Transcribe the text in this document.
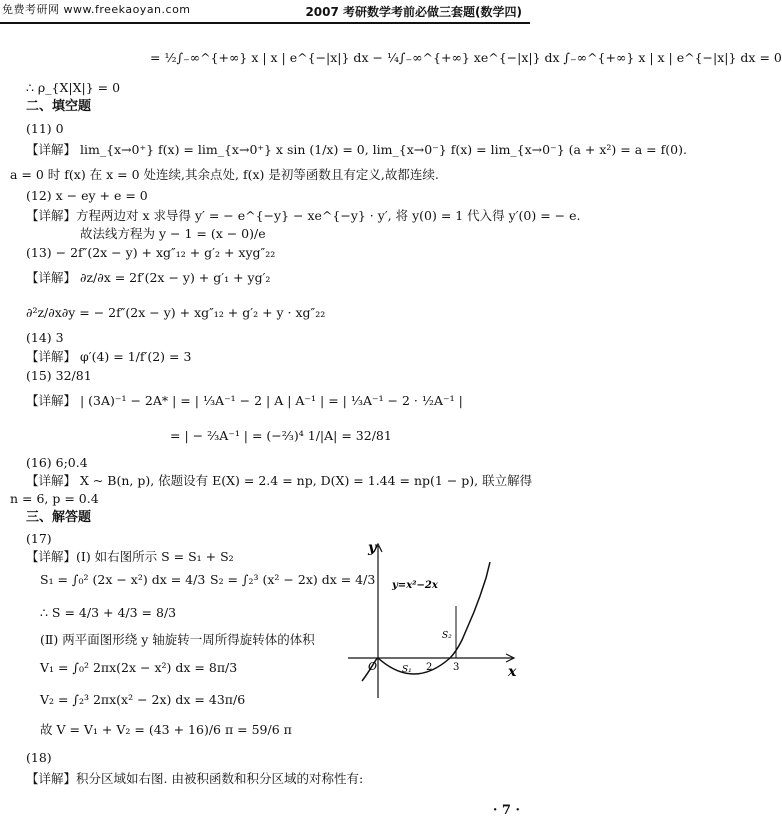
免费考研网 www.freekaoyan.com	2007 考研数学考前必做三套题(数学四)
= ½∫₋∞^{+∞} x | x | e^{−|x|} dx − ¼∫₋∞^{+∞} xe^{−|x|} dx ∫₋∞^{+∞} x | x | e^{−|x|} dx = 0
∴ ρ_{X|X|} = 0
二、填空题
(11) 0
【详解】 lim_{x→0⁺} f(x) = lim_{x→0⁺} x sin (1/x) = 0, lim_{x→0⁻} f(x) = lim_{x→0⁻} (a + x²) = a = f(0).
a = 0 时 f(x) 在 x = 0 处连续,其余点处, f(x) 是初等函数且有定义,故都连续.
(12) x − ey + e = 0
【详解】方程两边对 x 求导得 y′ = − e^{−y} − xe^{−y} · y′, 将 y(0) = 1 代入得 y′(0) = − e.
故法线方程为 y − 1 = (x − 0)/e
(13) − 2f″(2x − y) + xg″₁₂ + g′₂ + xyg″₂₂
【详解】 ∂z/∂x = 2f′(2x − y) + g′₁ + yg′₂
∂²z/∂x∂y = − 2f″(2x − y) + xg″₁₂ + g′₂ + y · xg″₂₂
(14) 3
【详解】 φ′(4) = 1/f′(2) = 3
(15) 32/81
【详解】 | (3A)⁻¹ − 2A* | = | ⅓A⁻¹ − 2 | A | A⁻¹ | = | ⅓A⁻¹ − 2 · ½A⁻¹ |
= | − ⅔A⁻¹ | = (−⅔)⁴ 1/|A| = 32/81
(16) 6;0.4
【详解】 X ~ B(n, p), 依题设有 E(X) = 2.4 = np, D(X) = 1.44 = np(1 − p), 联立解得
n = 6, p = 0.4
三、解答题
(17)
【详解】(Ⅰ) 如右图所示 S = S₁ + S₂
S₁ = ∫₀² (2x − x²) dx = 4/3 S₂ = ∫₂³ (x² − 2x) dx = 4/3
∴ S = 4/3 + 4/3 = 8/3
(Ⅱ) 两平面图形绕 y 轴旋转一周所得旋转体的体积
V₁ = ∫₀² 2πx(2x − x²) dx = 8π/3
V₂ = ∫₂³ 2πx(x² − 2x) dx = 43π/6
故 V = V₁ + V₂ = (43 + 16)/6 π = 59/6 π
(18)
【详解】积分区域如右图. 由被积函数和积分区域的对称性有:
y
x
O
y=x²−2x
S₁
S₂
2 3
· 7 ·
